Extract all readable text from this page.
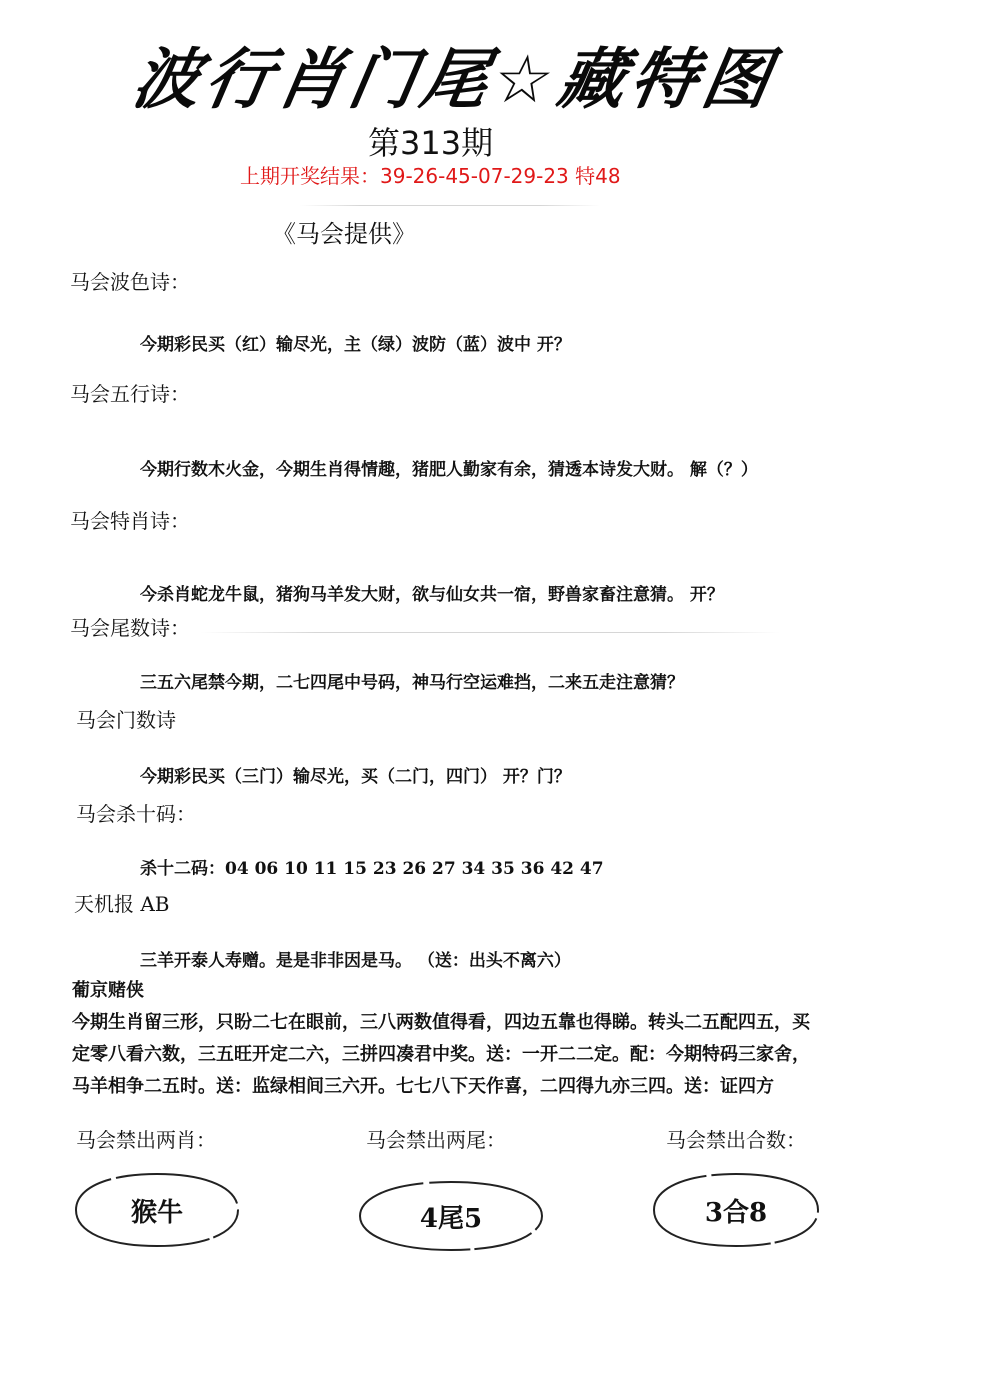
波行肖门尾☆藏特图
第313期
上期开奖结果：39-26-45-07-29-23 特48
《马会提供》
马会波色诗：
今期彩民买（红）输尽光，主（绿）波防（蓝）波中 开？
马会五行诗：
今期行数木火金，今期生肖得情趣，猪肥人勤家有余，猜透本诗发大财。 解（？）
马会特肖诗：
今杀肖蛇龙牛鼠，猪狗马羊发大财，欲与仙女共一宿，野兽家畜注意猜。 开？
马会尾数诗：
三五六尾禁今期，二七四尾中号码，神马行空运难挡，二来五走注意猜？
马会门数诗
今期彩民买（三门）输尽光，买（二门，四门） 开？门？
马会杀十码：
杀十二码：04 06 10 11 15 23 26 27 34 35 36 42 47
天机报 AB
三羊开泰人寿赠。是是非非因是马。 （送：出头不离六）
葡京赌侠
今期生肖留三形，只盼二七在眼前，三八两数值得看，四边五靠也得睇。转头二五配四五，买
定零八看六数，三五旺开定二六，三拼四凑君中奖。送：一开二二定。配：今期特码三家舍，
马羊相争二五时。送：监绿相间三六开。七七八下天作喜，二四得九亦三四。送：证四方
马会禁出两肖：	马会禁出两尾：	马会禁出合数：
猴牛	4尾5	3合8
